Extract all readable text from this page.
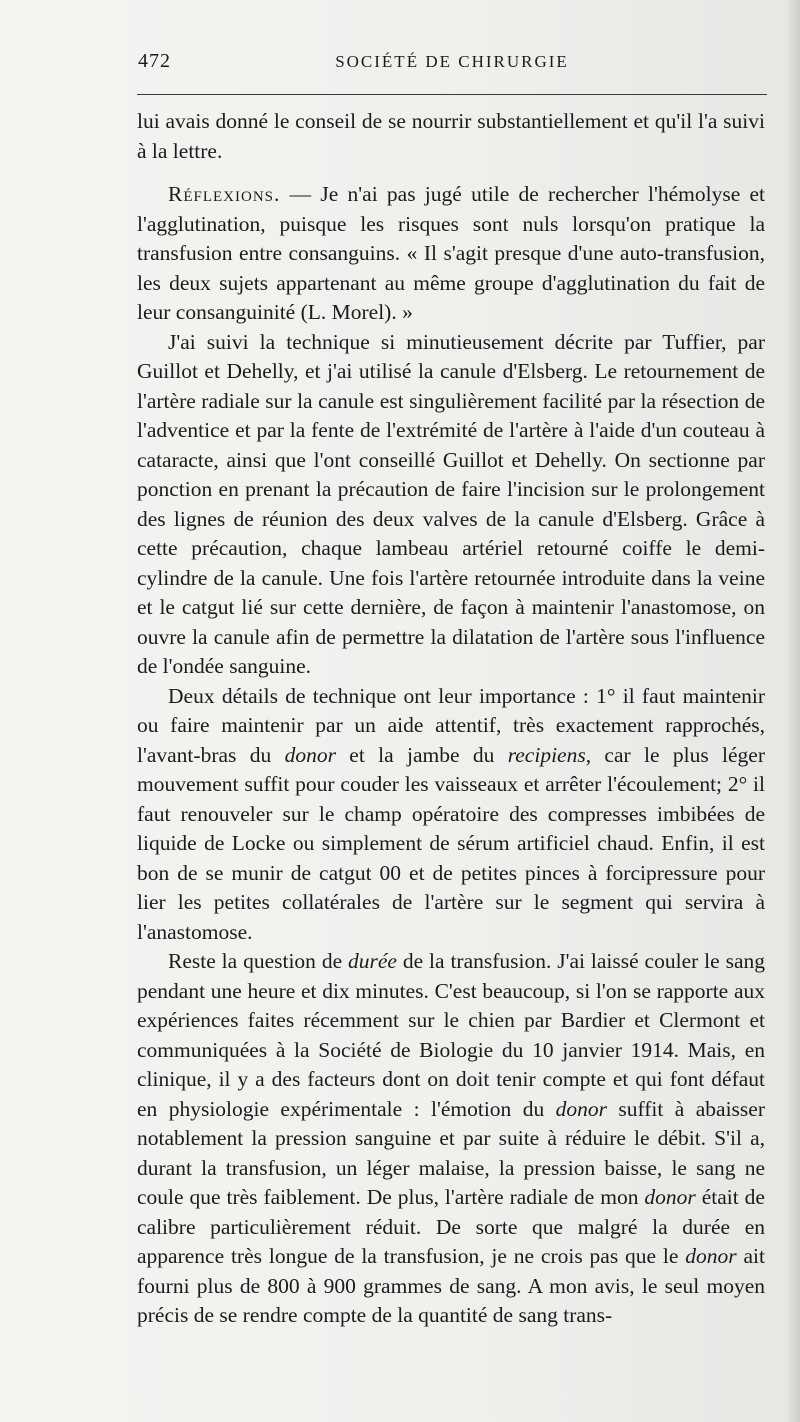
472	SOCIÉTÉ DE CHIRURGIE

lui avais donné le conseil de se nourrir substantiellement et qu'il l'a suivi à la lettre.

Réflexions. — Je n'ai pas jugé utile de rechercher l'hémolyse et l'agglutination, puisque les risques sont nuls lorsqu'on pratique la transfusion entre consanguins. « Il s'agit presque d'une auto-transfusion, les deux sujets appartenant au même groupe d'agglutination du fait de leur consanguinité (L. Morel). »

J'ai suivi la technique si minutieusement décrite par Tuffier, par Guillot et Dehelly, et j'ai utilisé la canule d'Elsberg. Le retournement de l'artère radiale sur la canule est singulièrement facilité par la résection de l'adventice et par la fente de l'extrémité de l'artère à l'aide d'un couteau à cataracte, ainsi que l'ont conseillé Guillot et Dehelly. On sectionne par ponction en prenant la précaution de faire l'incision sur le prolongement des lignes de réunion des deux valves de la canule d'Elsberg. Grâce à cette précaution, chaque lambeau artériel retourné coiffe le demi-cylindre de la canule. Une fois l'artère retournée introduite dans la veine et le catgut lié sur cette dernière, de façon à maintenir l'anastomose, on ouvre la canule afin de permettre la dilatation de l'artère sous l'influence de l'ondée sanguine.

Deux détails de technique ont leur importance : 1° il faut maintenir ou faire maintenir par un aide attentif, très exactement rapprochés, l'avant-bras du donor et la jambe du recipiens, car le plus léger mouvement suffit pour couder les vaisseaux et arrêter l'écoulement; 2° il faut renouveler sur le champ opératoire des compresses imbibées de liquide de Locke ou simplement de sérum artificiel chaud. Enfin, il est bon de se munir de catgut 00 et de petites pinces à forcipressure pour lier les petites collatérales de l'artère sur le segment qui servira à l'anastomose.

Reste la question de durée de la transfusion. J'ai laissé couler le sang pendant une heure et dix minutes. C'est beaucoup, si l'on se rapporte aux expériences faites récemment sur le chien par Bardier et Clermont et communiquées à la Société de Biologie du 10 janvier 1914. Mais, en clinique, il y a des facteurs dont on doit tenir compte et qui font défaut en physiologie expérimentale : l'émotion du donor suffit à abaisser notablement la pression sanguine et par suite à réduire le débit. S'il a, durant la transfusion, un léger malaise, la pression baisse, le sang ne coule que très faiblement. De plus, l'artère radiale de mon donor était de calibre particulièrement réduit. De sorte que malgré la durée en apparence très longue de la transfusion, je ne crois pas que le donor ait fourni plus de 800 à 900 grammes de sang. A mon avis, le seul moyen précis de se rendre compte de la quantité de sang trans-
